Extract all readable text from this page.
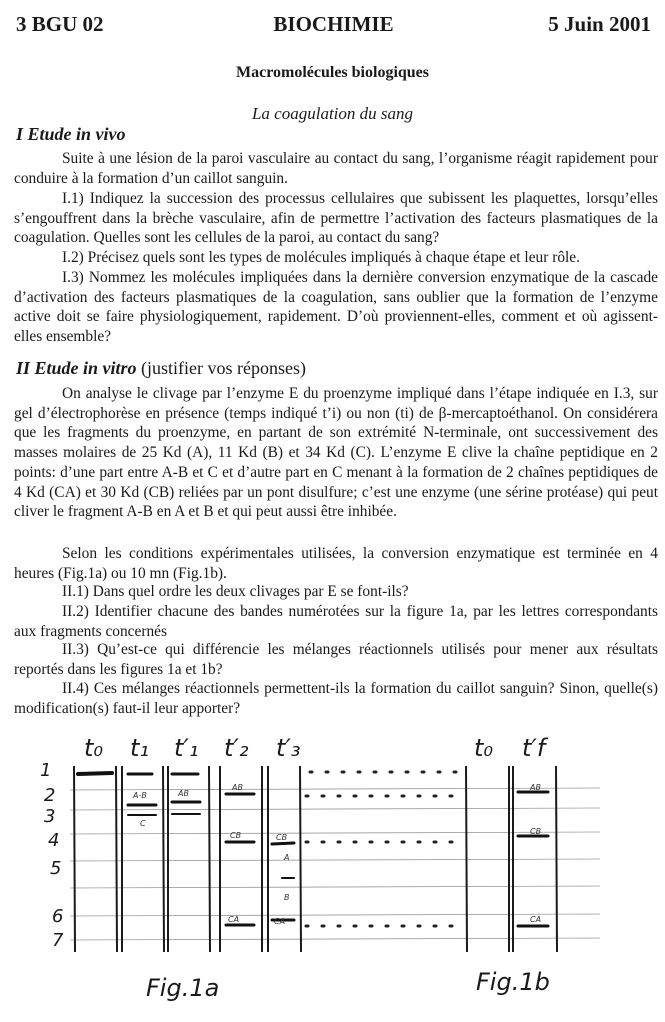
3 BGU 02	BIOCHIMIE	5 Juin 2001
Macromolécules biologiques
La coagulation du sang
I Etude in vivo
Suite à une lésion de la paroi vasculaire au contact du sang, l’organisme réagit rapidement pour conduire à la formation d’un caillot sanguin.
I.1) Indiquez la succession des processus cellulaires que subissent les plaquettes, lorsqu’elles s’engouffrent dans la brèche vasculaire, afin de permettre l’activation des facteurs plasmatiques de la coagulation. Quelles sont les cellules de la paroi, au contact du sang?
I.2) Précisez quels sont les types de molécules impliqués à chaque étape et leur rôle.
I.3) Nommez les molécules impliquées dans la dernière conversion enzymatique de la cascade d’activation des facteurs plasmatiques de la coagulation, sans oublier que la formation de l’enzyme active doit se faire physiologiquement, rapidement. D’où proviennent-elles, comment et où agissent-elles ensemble?
II Etude in vitro (justifier vos réponses)
On analyse le clivage par l’enzyme E du proenzyme impliqué dans l’étape indiquée en I.3, sur gel d’électrophorèse en présence (temps indiqué t’i) ou non (ti) de β-mercaptoéthanol. On considérera que les fragments du proenzyme, en partant de son extrémité N-terminale, ont successivement des masses molaires de 25 Kd (A), 11 Kd (B) et 34 Kd (C). L’enzyme E clive la chaîne peptidique en 2 points: d’une part entre A-B et C et d’autre part en C menant à la formation de 2 chaînes peptidiques de 4 Kd (CA) et 30 Kd (CB) reliées par un pont disulfure; c’est une enzyme (une sérine protéase) qui peut cliver le fragment A-B en A et B et qui peut aussi être inhibée.
Selon les conditions expérimentales utilisées, la conversion enzymatique est terminée en 4 heures (Fig.1a) ou 10 mn (Fig.1b).
II.1) Dans quel ordre les deux clivages par E se font-ils?
II.2) Identifier chacune des bandes numérotées sur la figure 1a, par les lettres correspondants aux fragments concernés
II.3) Qu’est-ce qui différencie les mélanges réactionnels utilisés pour mener aux résultats reportés dans les figures 1a et 1b?
II.4) Ces mélanges réactionnels permettent-ils la formation du caillot sanguin? Sinon, quelle(s) modification(s) faut-il leur apporter?
A-B	AB
AB
C
CB	CB
A
B
CA	CA
AB
CB
CA
t₀ t₁ t′₁ t′₂ t′₃	t₀ t′f
1
2
3
4
5
6
7
Fig.1a	Fig.1b
